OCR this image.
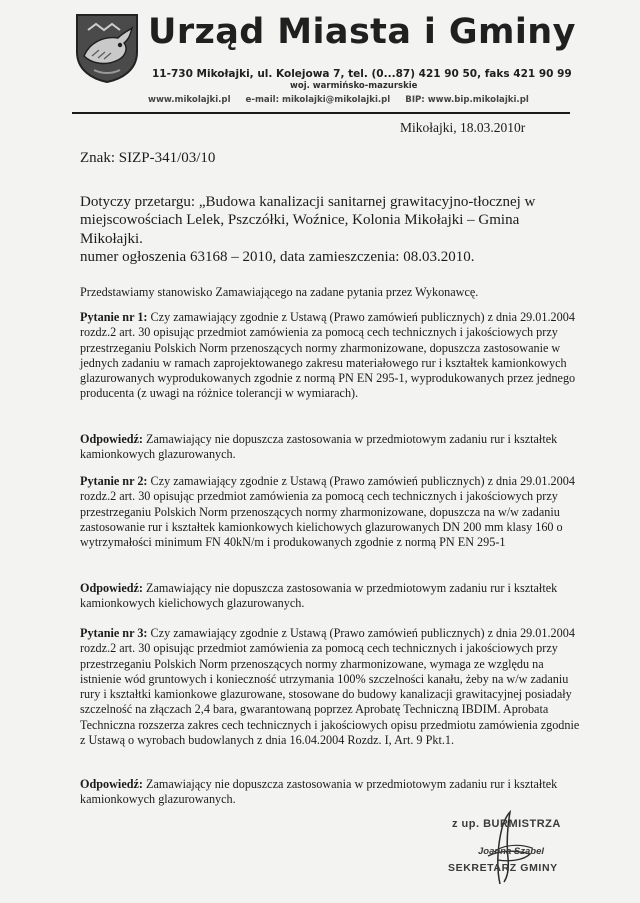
Urząd Miasta i Gminy
11-730 Mikołajki, ul. Kolejowa 7, tel. (0...87) 421 90 50, faks 421 90 99
woj. warmińsko-mazurskie
www.mikolajki.pl e-mail: mikolajki@mikolajki.pl BIP: www.bip.mikolajki.pl
Mikołajki, 18.03.2010r
Znak: SIZP-341/03/10
Dotyczy przetargu: „Budowa kanalizacji sanitarnej grawitacyjno-tłocznej w miejscowościach Lelek, Pszczółki, Woźnice, Kolonia Mikołajki – Gmina Mikołajki.
numer ogłoszenia 63168 – 2010, data zamieszczenia: 08.03.2010.
Przedstawiamy stanowisko Zamawiającego na zadane pytania przez Wykonawcę.
Pytanie nr 1: Czy zamawiający zgodnie z Ustawą (Prawo zamówień publicznych) z dnia 29.01.2004 rozdz.2 art. 30 opisując przedmiot zamówienia za pomocą cech technicznych i jakościowych przy przestrzeganiu Polskich Norm przenoszących normy zharmonizowane, dopuszcza zastosowanie w jednych zadaniu w ramach zaprojektowanego zakresu materiałowego rur i kształtek kamionkowych glazurowanych wyprodukowanych zgodnie z normą PN EN 295-1, wyprodukowanych przez jednego producenta (z uwagi na różnice tolerancji w wymiarach).
Odpowiedź: Zamawiający nie dopuszcza zastosowania w przedmiotowym zadaniu rur i kształtek kamionkowych glazurowanych.
Pytanie nr 2: Czy zamawiający zgodnie z Ustawą (Prawo zamówień publicznych) z dnia 29.01.2004 rozdz.2 art. 30 opisując przedmiot zamówienia za pomocą cech technicznych i jakościowych przy przestrzeganiu Polskich Norm przenoszących normy zharmonizowane, dopuszcza na w/w zadaniu zastosowanie rur i kształtek kamionkowych kielichowych glazurowanych DN 200 mm klasy 160 o wytrzymałości minimum FN 40kN/m i produkowanych zgodnie z normą PN EN 295-1
Odpowiedź: Zamawiający nie dopuszcza zastosowania w przedmiotowym zadaniu rur i kształtek kamionkowych kielichowych glazurowanych.
Pytanie nr 3: Czy zamawiający zgodnie z Ustawą (Prawo zamówień publicznych) z dnia 29.01.2004 rozdz.2 art. 30 opisując przedmiot zamówienia za pomocą cech technicznych i jakościowych przy przestrzeganiu Polskich Norm przenoszących normy zharmonizowane, wymaga ze względu na istnienie wód gruntowych i konieczność utrzymania 100% szczelności kanału, żeby na w/w zadaniu rury i kształtki kamionkowe glazurowane, stosowane do budowy kanalizacji grawitacyjnej posiadały szczelność na złączach 2,4 bara, gwarantowaną poprzez Aprobatę Techniczną IBDIM. Aprobata Techniczna rozszerza zakres cech technicznych i jakościowych opisu przedmiotu zamówienia zgodnie z Ustawą o wyrobach budowlanych z dnia 16.04.2004 Rozdz. I, Art. 9 Pkt.1.
Odpowiedź: Zamawiający nie dopuszcza zastosowania w przedmiotowym zadaniu rur i kształtek kamionkowych glazurowanych.
z up. BURMISTRZA
Joanna Szabel
SEKRETARZ GMINY
